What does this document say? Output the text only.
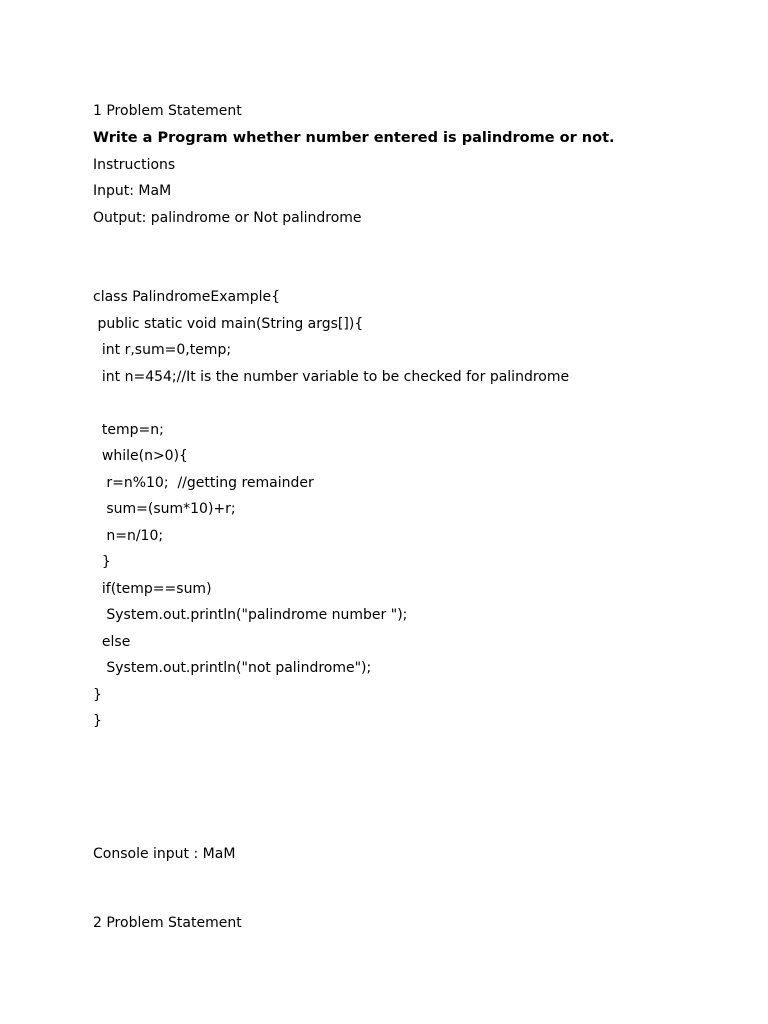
1 Problem Statement
Write a Program whether number entered is palindrome or not.
Instructions
Input: MaM
Output: palindrome or Not palindrome
class PalindromeExample{
public static void main(String args[]){
int r,sum=0,temp;
int n=454;//It is the number variable to be checked for palindrome
temp=n;
while(n>0){
r=n%10;  //getting remainder
sum=(sum*10)+r;
n=n/10;
}
if(temp==sum)
System.out.println("palindrome number ");
else
System.out.println("not palindrome");
}
}
Console input : MaM
2 Problem Statement
